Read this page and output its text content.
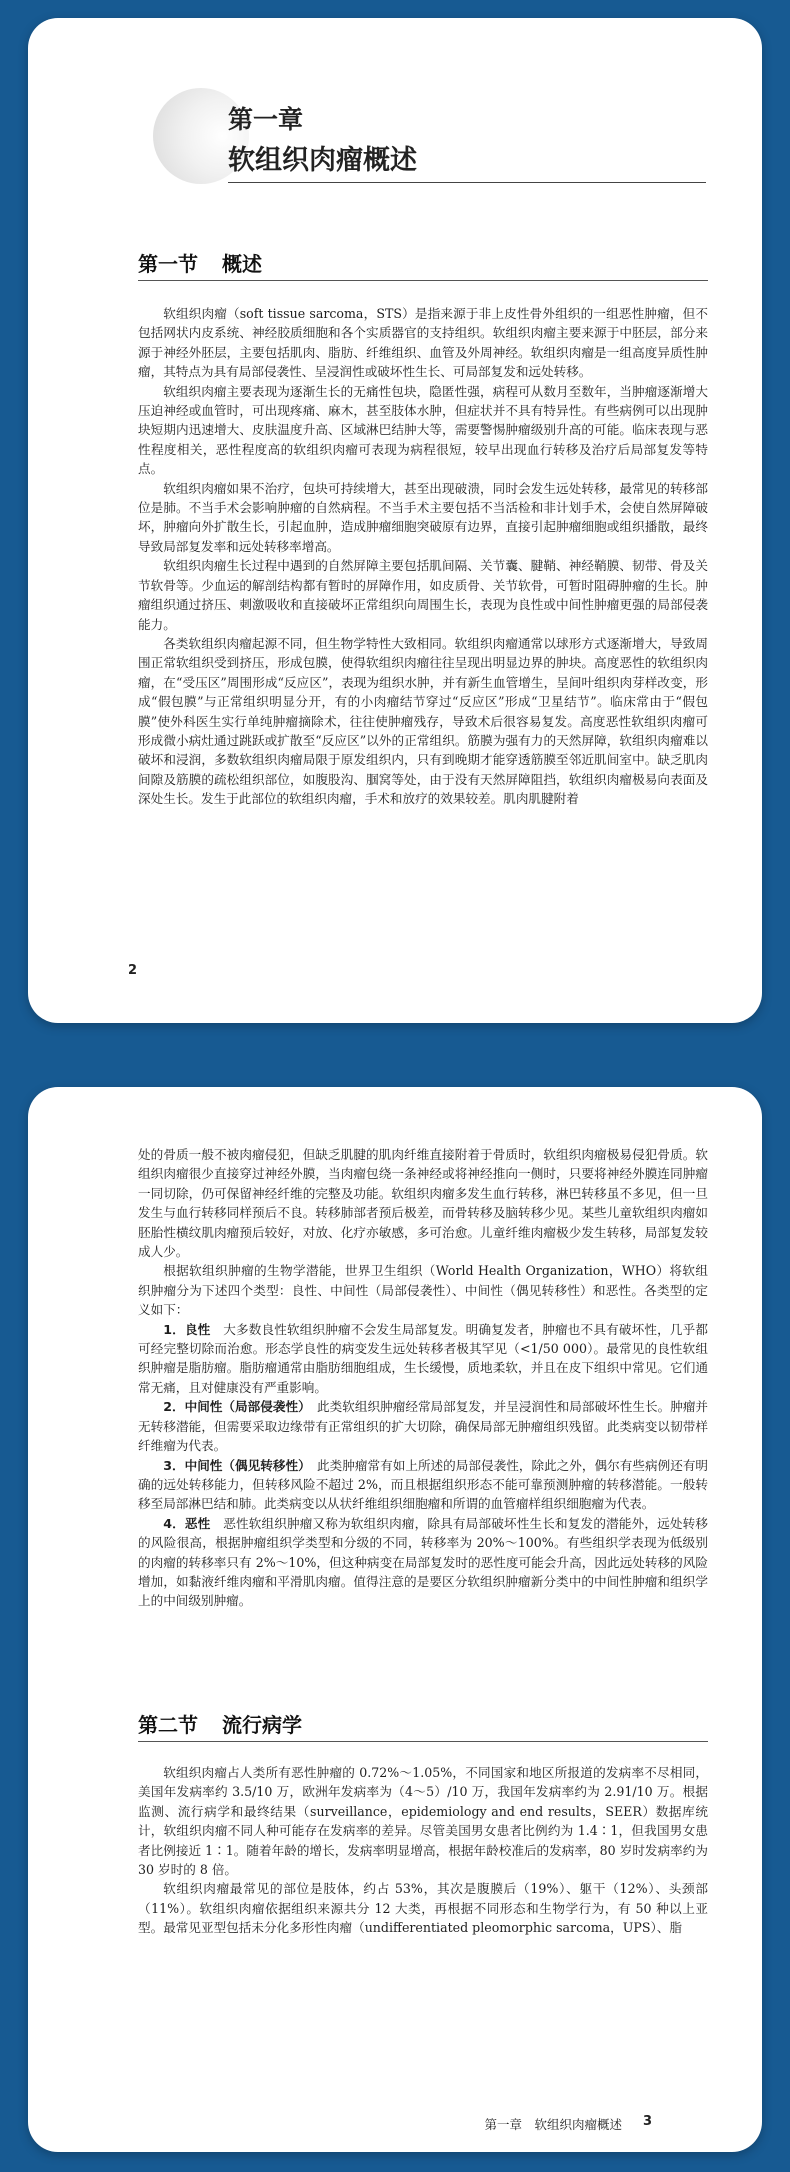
第一章
软组织肉瘤概述
第一节 概述

软组织肉瘤（soft tissue sarcoma，STS）是指来源于非上皮性骨外组织的一组恶性肿瘤，但不包括网状内皮系统、神经胶质细胞和各个实质器官的支持组织。软组织肉瘤主要来源于中胚层，部分来源于神经外胚层，主要包括肌肉、脂肪、纤维组织、血管及外周神经。软组织肉瘤是一组高度异质性肿瘤，其特点为具有局部侵袭性、呈浸润性或破坏性生长、可局部复发和远处转移。

软组织肉瘤主要表现为逐渐生长的无痛性包块，隐匿性强，病程可从数月至数年，当肿瘤逐渐增大压迫神经或血管时，可出现疼痛、麻木，甚至肢体水肿，但症状并不具有特异性。有些病例可以出现肿块短期内迅速增大、皮肤温度升高、区域淋巴结肿大等，需要警惕肿瘤级别升高的可能。临床表现与恶性程度相关，恶性程度高的软组织肉瘤可表现为病程很短，较早出现血行转移及治疗后局部复发等特点。

软组织肉瘤如果不治疗，包块可持续增大，甚至出现破溃，同时会发生远处转移，最常见的转移部位是肺。不当手术会影响肿瘤的自然病程。不当手术主要包括不当活检和非计划手术，会使自然屏障破坏，肿瘤向外扩散生长，引起血肿，造成肿瘤细胞突破原有边界，直接引起肿瘤细胞或组织播散，最终导致局部复发率和远处转移率增高。

软组织肉瘤生长过程中遇到的自然屏障主要包括肌间隔、关节囊、腱鞘、神经鞘膜、韧带、骨及关节软骨等。少血运的解剖结构都有暂时的屏障作用，如皮质骨、关节软骨，可暂时阻碍肿瘤的生长。肿瘤组织通过挤压、刺激吸收和直接破坏正常组织向周围生长，表现为良性或中间性肿瘤更强的局部侵袭能力。

各类软组织肉瘤起源不同，但生物学特性大致相同。软组织肉瘤通常以球形方式逐渐增大，导致周围正常软组织受到挤压，形成包膜，使得软组织肉瘤往往呈现出明显边界的肿块。高度恶性的软组织肉瘤，在“受压区”周围形成“反应区”，表现为组织水肿，并有新生血管增生，呈间叶组织肉芽样改变，形成“假包膜”与正常组织明显分开，有的小肉瘤结节穿过“反应区”形成“卫星结节”。临床常由于“假包膜”使外科医生实行单纯肿瘤摘除术，往往使肿瘤残存，导致术后很容易复发。高度恶性软组织肉瘤可形成微小病灶通过跳跃或扩散至“反应区”以外的正常组织。筋膜为强有力的天然屏障，软组织肉瘤难以破坏和浸润，多数软组织肉瘤局限于原发组织内，只有到晚期才能穿透筋膜至邻近肌间室中。缺乏肌肉间隙及筋膜的疏松组织部位，如腹股沟、腘窝等处，由于没有天然屏障阻挡，软组织肉瘤极易向表面及深处生长。发生于此部位的软组织肉瘤，手术和放疗的效果较差。肌肉肌腱附着

2

处的骨质一般不被肉瘤侵犯，但缺乏肌腱的肌肉纤维直接附着于骨质时，软组织肉瘤极易侵犯骨质。软组织肉瘤很少直接穿过神经外膜，当肉瘤包绕一条神经或将神经推向一侧时，只要将神经外膜连同肿瘤一同切除，仍可保留神经纤维的完整及功能。软组织肉瘤多发生血行转移，淋巴转移虽不多见，但一旦发生与血行转移同样预后不良。转移肺部者预后极差，而骨转移及脑转移少见。某些儿童软组织肉瘤如胚胎性横纹肌肉瘤预后较好，对放、化疗亦敏感，多可治愈。儿童纤维肉瘤极少发生转移，局部复发较成人少。

根据软组织肿瘤的生物学潜能，世界卫生组织（World Health Organization，WHO）将软组织肿瘤分为下述四个类型：良性、中间性（局部侵袭性）、中间性（偶见转移性）和恶性。各类型的定义如下：

1．良性　 大多数良性软组织肿瘤不会发生局部复发。明确复发者，肿瘤也不具有破坏性，几乎都可经完整切除而治愈。形态学良性的病变发生远处转移者极其罕见（<1/50 000）。最常见的良性软组织肿瘤是脂肪瘤。脂肪瘤通常由脂肪细胞组成，生长缓慢，质地柔软，并且在皮下组织中常见。它们通常无痛，且对健康没有严重影响。

2．中间性（局部侵袭性）　 此类软组织肿瘤经常局部复发，并呈浸润性和局部破坏性生长。肿瘤并无转移潜能，但需要采取边缘带有正常组织的扩大切除，确保局部无肿瘤组织残留。此类病变以韧带样纤维瘤为代表。

3．中间性（偶见转移性）　 此类肿瘤常有如上所述的局部侵袭性，除此之外，偶尔有些病例还有明确的远处转移能力，但转移风险不超过 2%，而且根据组织形态不能可靠预测肿瘤的转移潜能。一般转移至局部淋巴结和肺。此类病变以从状纤维组织细胞瘤和所谓的血管瘤样组织细胞瘤为代表。

4．恶性　 恶性软组织肿瘤又称为软组织肉瘤，除具有局部破坏性生长和复发的潜能外，远处转移的风险很高，根据肿瘤组织学类型和分级的不同，转移率为 20%～100%。有些组织学表现为低级别的肉瘤的转移率只有 2%～10%，但这种病变在局部复发时的恶性度可能会升高，因此远处转移的风险增加，如黏液纤维肉瘤和平滑肌肉瘤。值得注意的是要区分软组织肿瘤新分类中的中间性肿瘤和组织学上的中间级别肿瘤。

第二节 流行病学

软组织肉瘤占人类所有恶性肿瘤的 0.72%～1.05%，不同国家和地区所报道的发病率不尽相同，美国年发病率约 3.5/10 万，欧洲年发病率为（4～5）/10 万，我国年发病率约为 2.91/10 万。根据监测、流行病学和最终结果（surveillance，epidemiology and end results，SEER）数据库统计，软组织肉瘤不同人种可能存在发病率的差异。尽管美国男女患者比例约为 1.4∶1，但我国男女患者比例接近 1∶1。随着年龄的增长，发病率明显增高，根据年龄校准后的发病率，80 岁时发病率约为 30 岁时的 8 倍。

软组织肉瘤最常见的部位是肢体，约占 53%，其次是腹膜后（19%）、躯干（12%）、头颈部（11%）。软组织肉瘤依据组织来源共分 12 大类，再根据不同形态和生物学行为，有 50 种以上亚型。最常见亚型包括未分化多形性肉瘤（undifferentiated pleomorphic sarcoma，UPS）、脂

第一章　软组织肉瘤概述 3
